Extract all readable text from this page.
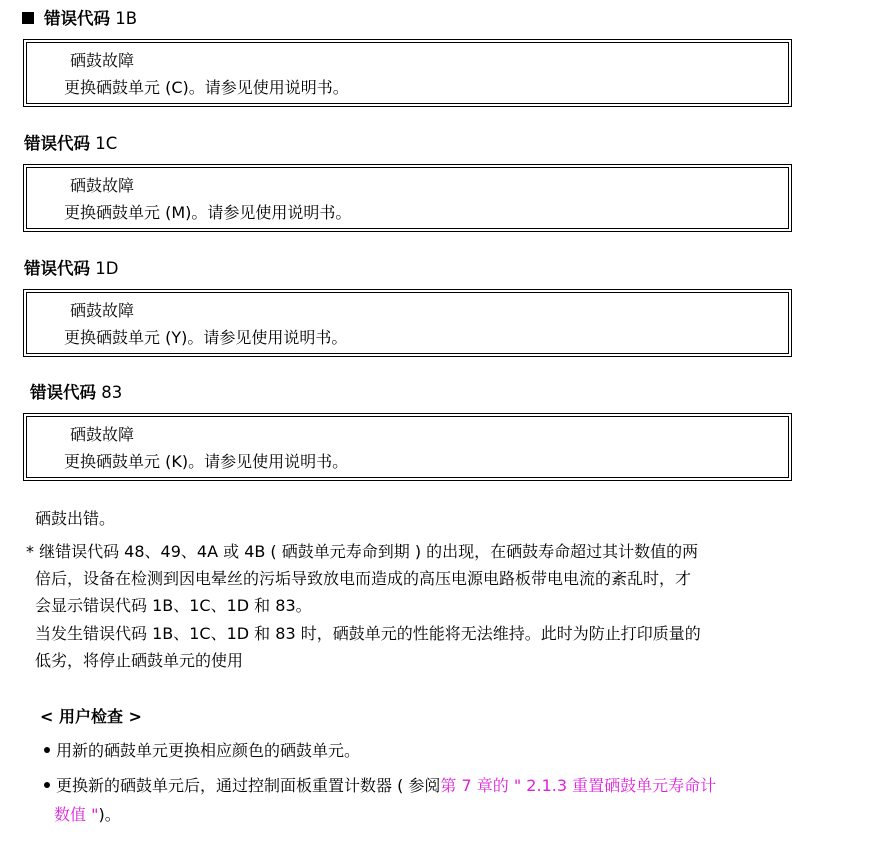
错误代码 1B
硒鼓故障
更换硒鼓单元 (C)。请参见使用说明书。
错误代码 1C
硒鼓故障
更换硒鼓单元 (M)。请参见使用说明书。
错误代码 1D
硒鼓故障
更换硒鼓单元 (Y)。请参见使用说明书。
错误代码 83
硒鼓故障
更换硒鼓单元 (K)。请参见使用说明书。
硒鼓出错。
* 继错误代码 48、49、4A 或 4B ( 硒鼓单元寿命到期 ) 的出现，在硒鼓寿命超过其计数值的两
倍后，设备在检测到因电晕丝的污垢导致放电而造成的高压电源电路板带电电流的紊乱时，才
会显示错误代码 1B、1C、1D 和 83。
当发生错误代码 1B、1C、1D 和 83 时，硒鼓单元的性能将无法维持。此时为防止打印质量的
低劣，将停止硒鼓单元的使用
< 用户检查 >
用新的硒鼓单元更换相应颜色的硒鼓单元。
更换新的硒鼓单元后，通过控制面板重置计数器 ( 参阅第 7 章的 " 2.1.3 重置硒鼓单元寿命计
数值 ")。
